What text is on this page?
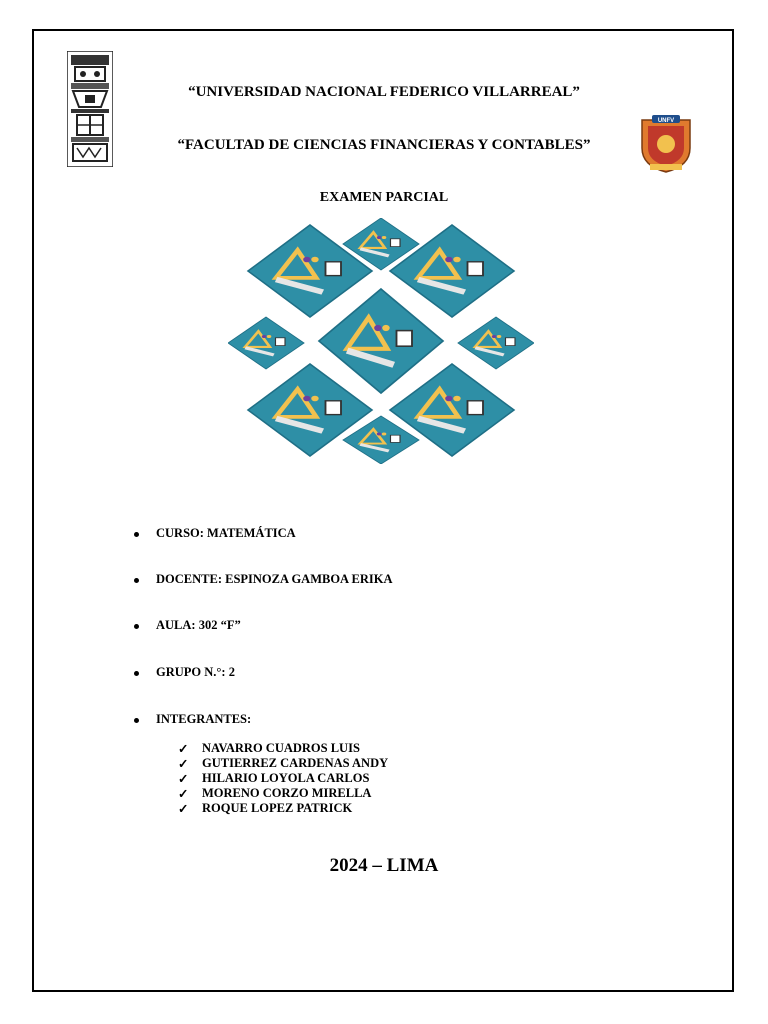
UNFV
“UNIVERSIDAD NACIONAL FEDERICO VILLARREAL”
“FACULTAD DE CIENCIAS FINANCIERAS Y CONTABLES”
EXAMEN PARCIAL
CURSO: MATEMÁTICA
DOCENTE: ESPINOZA GAMBOA ERIKA
AULA: 302 “F”
GRUPO N.°: 2
INTEGRANTES:
✓ NAVARRO CUADROS LUIS
✓ GUTIERREZ CARDENAS ANDY
✓ HILARIO LOYOLA CARLOS
✓ MORENO CORZO MIRELLA
✓ ROQUE LOPEZ PATRICK
2024 – LIMA
